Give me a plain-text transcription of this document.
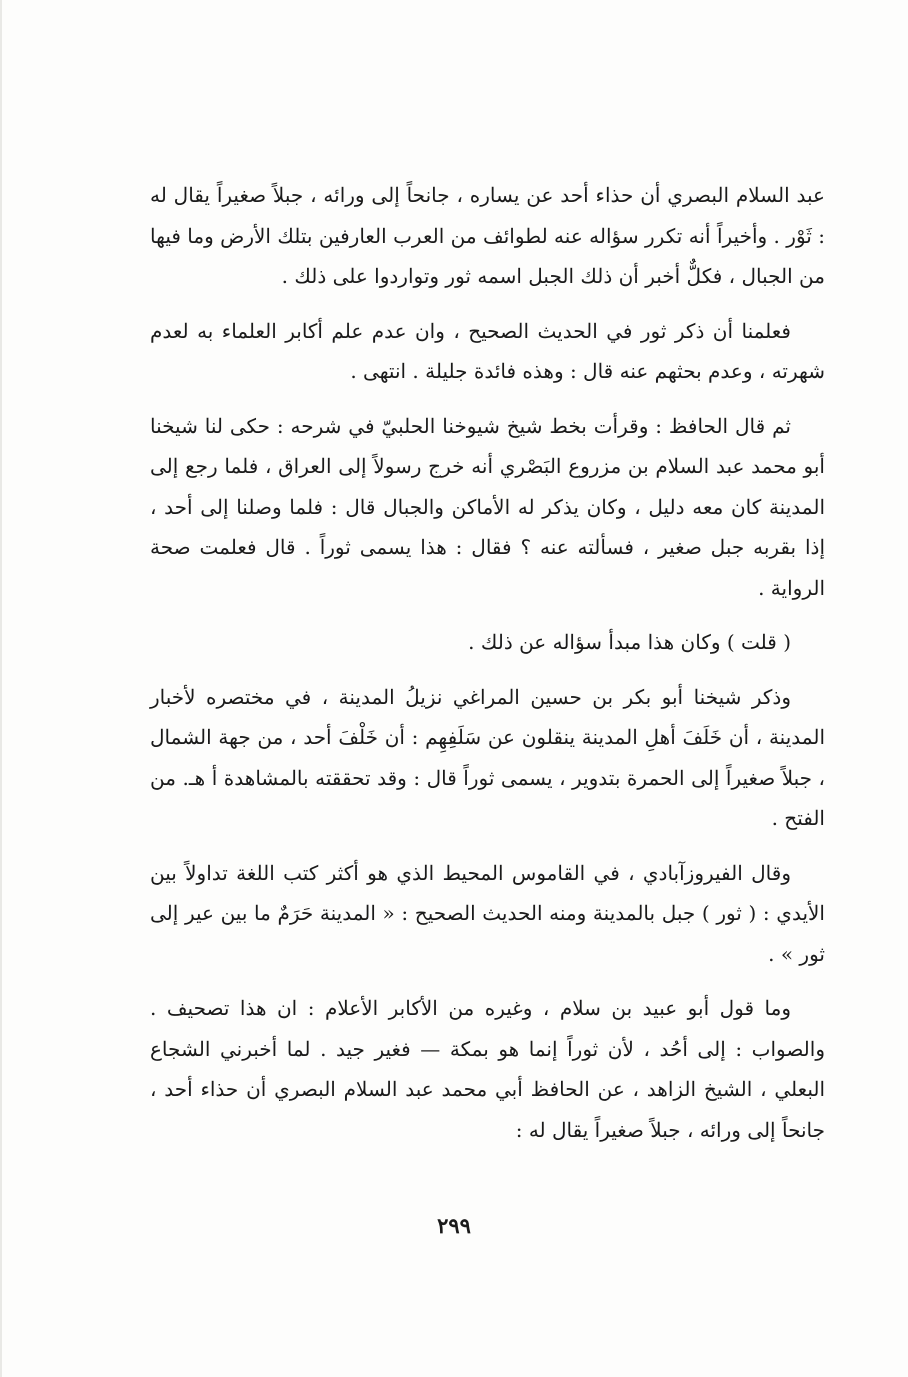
عبد السلام البصري أن حذاء أحد عن يساره ، جانحاً إلى ورائه ، جبلاً صغيراً يقال له : ثَوْر . وأخيراً أنه تكرر سؤاله عنه لطوائف من العرب العارفين بتلك الأرض وما فيها من الجبال ، فكلٌّ أخبر أن ذلك الجبل اسمه ثور وتواردوا على ذلك .

فعلمنا أن ذكر ثور في الحديث الصحيح ، وان عدم علم أكابر العلماء به لعدم شهرته ، وعدم بحثهم عنه قال : وهذه فائدة جليلة . انتهى .

ثم قال الحافظ : وقرأت بخط شيخ شيوخنا الحلبيّ في شرحه : حكى لنا شيخنا أبو محمد عبد السلام بن مزروع البَصْري أنه خرج رسولاً إلى العراق ، فلما رجع إلى المدينة كان معه دليل ، وكان يذكر له الأماكن والجبال قال : فلما وصلنا إلى أحد ، إذا بقربه جبل صغير ، فسألته عنه ؟ فقال : هذا يسمى ثوراً . قال فعلمت صحة الرواية .

( قلت ) وكان هذا مبدأ سؤاله عن ذلك .

وذكر شيخنا أبو بكر بن حسين المراغي نزيلُ المدينة ، في مختصره لأخبار المدينة ، أن خَلَفَ أهلِ المدينة ينقلون عن سَلَفِهِم : أن خَلْفَ أحد ، من جهة الشمال ، جبلاً صغيراً إلى الحمرة بتدوير ، يسمى ثوراً قال : وقد تحققته بالمشاهدة أ هـ. من الفتح .

وقال الفيروزآبادي ، في القاموس المحيط الذي هو أكثر كتب اللغة تداولاً بين الأيدي : ( ثور ) جبل بالمدينة ومنه الحديث الصحيح : « المدينة حَرَمٌ ما بين عير إلى ثور » .

وما قول أبو عبيد بن سلام ، وغيره من الأكابر الأعلام : ان هذا تصحيف . والصواب : إلى أحُد ، لأن ثوراً إنما هو بمكة — فغير جيد . لما أخبرني الشجاع البعلي ، الشيخ الزاهد ، عن الحافظ أبي محمد عبد السلام البصري أن حذاء أحد ، جانحاً إلى ورائه ، جبلاً صغيراً يقال له :

٢٩٩
